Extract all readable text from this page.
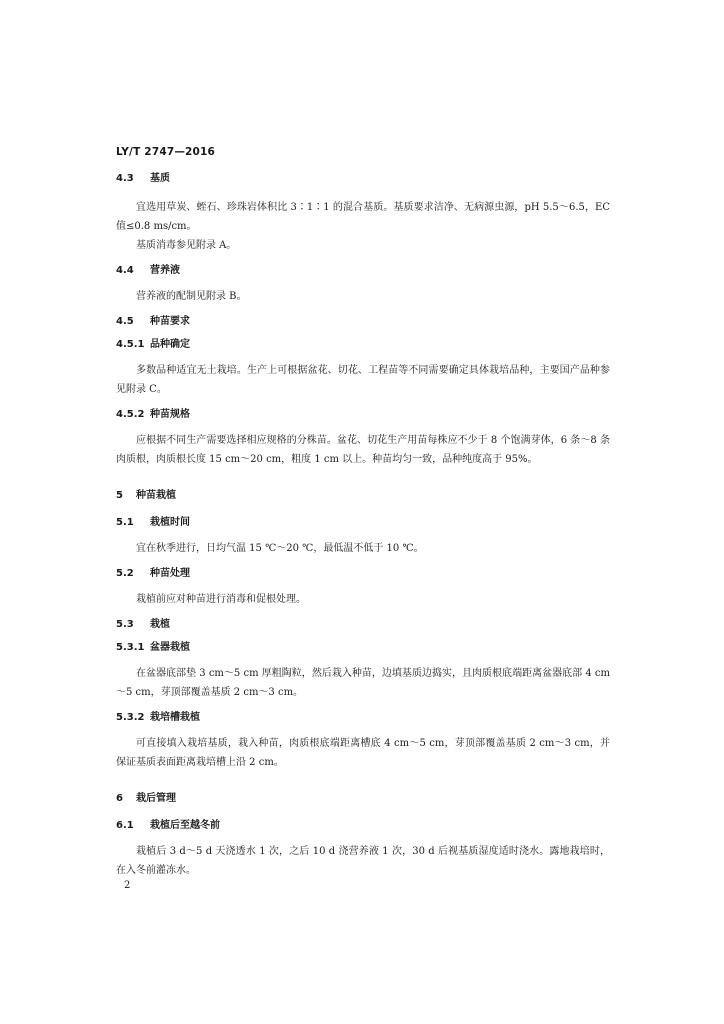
LY/T 2747—2016
4.3 基质

宜选用草炭、蛭石、珍珠岩体积比 3∶1∶1 的混合基质。基质要求洁净、无病源虫源，pH 5.5～6.5，EC 值≤0.8 ms/cm。

基质消毒参见附录 A。

4.4 营养液

营养液的配制见附录 B。

4.5 种苗要求
4.5.1 品种确定

多数品种适宜无土栽培。生产上可根据盆花、切花、工程苗等不同需要确定具体栽培品种，主要国产品种参见附录 C。

4.5.2 种苗规格

应根据不同生产需要选择相应规格的分株苗。盆花、切花生产用苗每株应不少于 8 个饱满芽体，6 条～8 条肉质根，肉质根长度 15 cm～20 cm，粗度 1 cm 以上。种苗均匀一致，品种纯度高于 95%。

5 种苗栽植
5.1 栽植时间

宜在秋季进行，日均气温 15 ℃～20 ℃，最低温不低于 10 ℃。

5.2 种苗处理

栽植前应对种苗进行消毒和促根处理。

5.3 栽植
5.3.1 盆器栽植

在盆器底部垫 3 cm～5 cm 厚粗陶粒，然后栽入种苗，边填基质边捣实，且肉质根底端距离盆器底部 4 cm～5 cm，芽顶部覆盖基质 2 cm～3 cm。

5.3.2 栽培槽栽植

可直接填入栽培基质，栽入种苗，肉质根底端距离槽底 4 cm～5 cm，芽顶部覆盖基质 2 cm～3 cm，并保证基质表面距离栽培槽上沿 2 cm。

6 栽后管理
6.1 栽植后至越冬前

栽植后 3 d～5 d 天浇透水 1 次，之后 10 d 浇营养液 1 次，30 d 后视基质湿度适时浇水。露地栽培时，在入冬前灌冻水。

2
